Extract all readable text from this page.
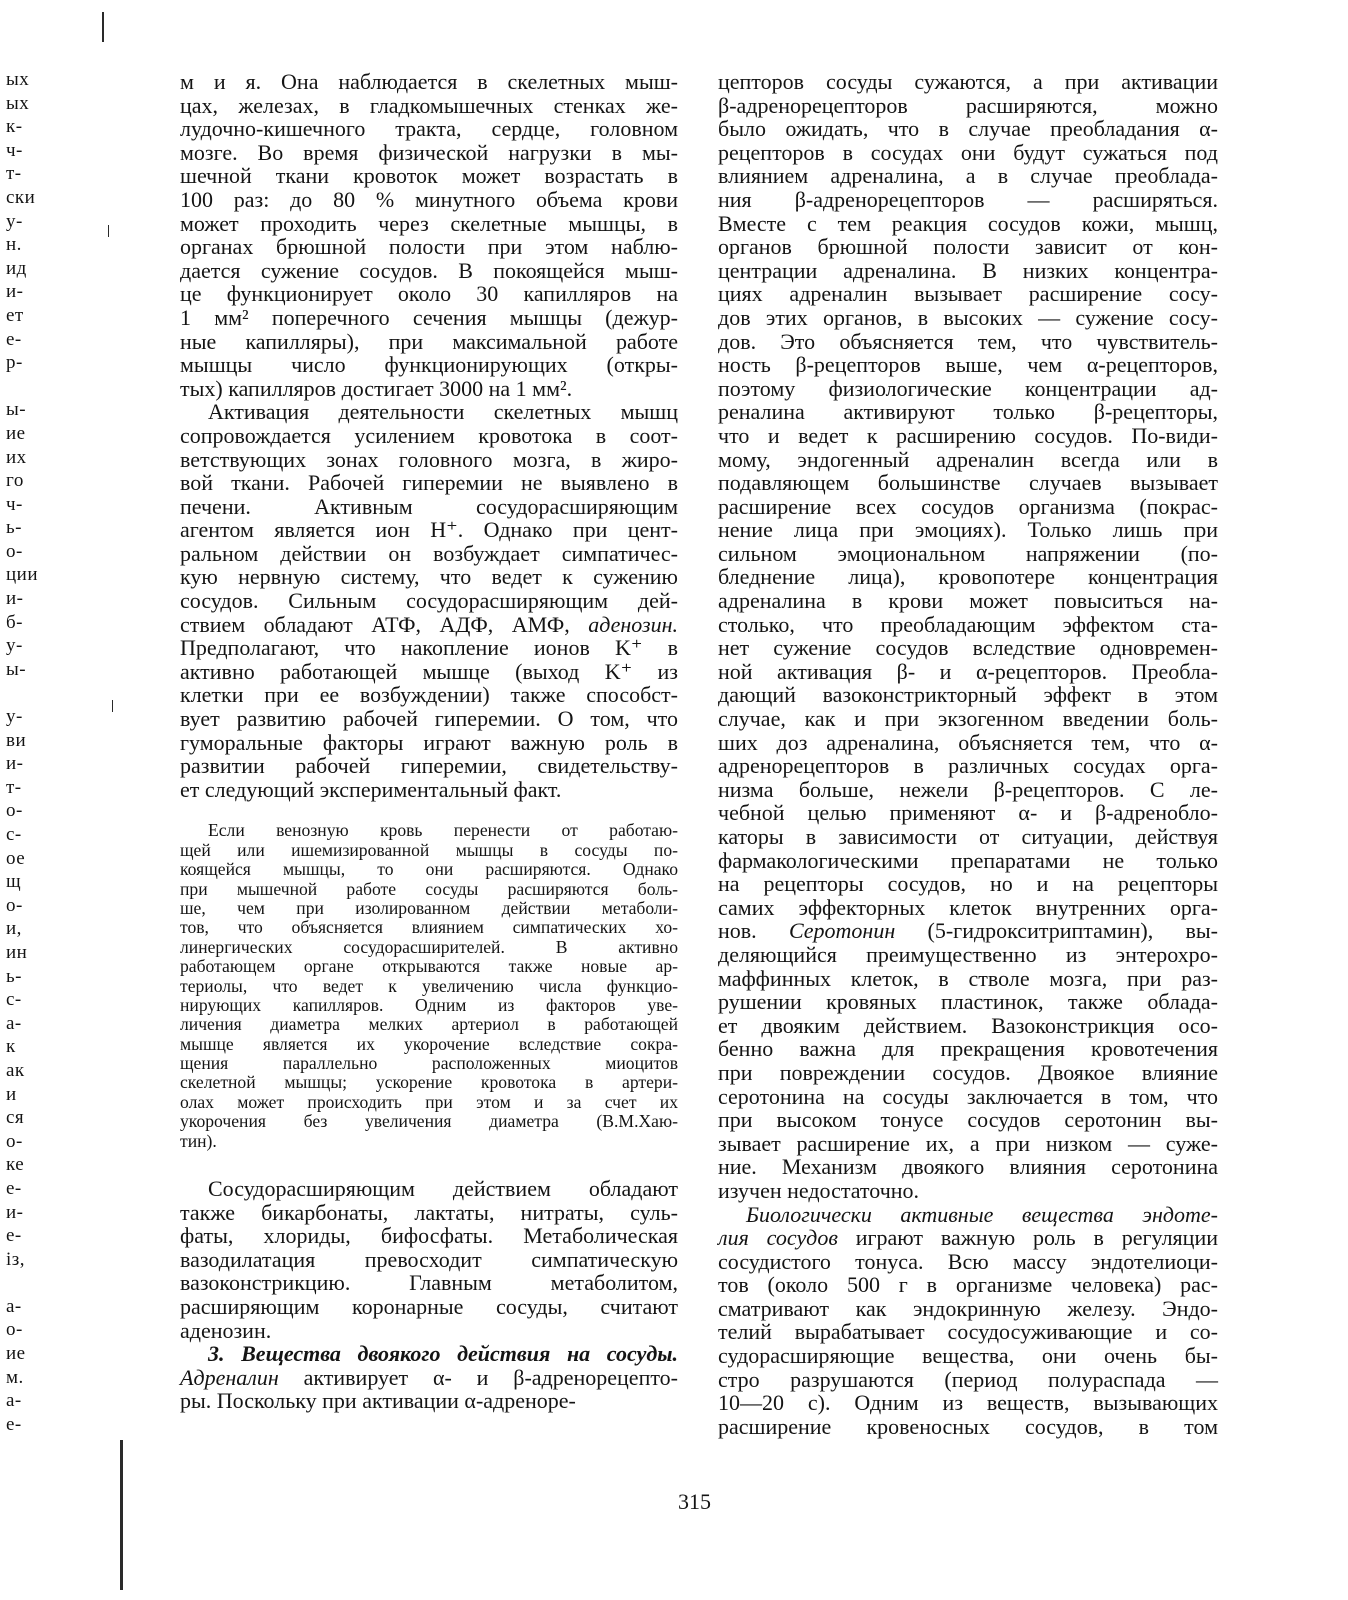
ых
ых
к-
ч-
т-
ски
у-
н.
ид
и-
ет
е-
р-
ы-
ие
их
го
ч-
ь-
о-
ции
и-
б-
у-
ы-
у-
ви
и-
т-
о-
с-
ое
щ
о-
и,
ин
ь-
с-
а-
к
ак
и
ся
о-
ке
е-
и-
е-
із,
а-
о-
ие
м.
а-
е-
м и я. Она наблюдается в скелетных мыш-
цах, железах, в гладкомышечных стенках же-
лудочно-кишечного тракта, сердце, головном
мозге. Во время физической нагрузки в мы-
шечной ткани кровоток может возрастать в
100 раз: до 80 % минутного объема крови
может проходить через скелетные мышцы, в
органах брюшной полости при этом наблю-
дается сужение сосудов. В покоящейся мыш-
це функционирует около 30 капилляров на
1 мм² поперечного сечения мышцы (дежур-
ные капилляры), при максимальной работе
мышцы число функционирующих (откры-
тых) капилляров достигает 3000 на 1 мм².
Активация деятельности скелетных мышц
сопровождается усилением кровотока в соот-
ветствующих зонах головного мозга, в жиро-
вой ткани. Рабочей гиперемии не выявлено в
печени. Активным сосудорасширяющим
агентом является ион H⁺. Однако при цент-
ральном действии он возбуждает симпатичес-
кую нервную систему, что ведет к сужению
сосудов. Сильным сосудорасширяющим дей-
ствием обладают АТФ, АДФ, АМФ, аденозин.
Предполагают, что накопление ионов K⁺ в
активно работающей мышце (выход K⁺ из
клетки при ее возбуждении) также способст-
вует развитию рабочей гиперемии. О том, что
гуморальные факторы играют важную роль в
развитии рабочей гиперемии, свидетельству-
ет следующий экспериментальный факт.
Если венозную кровь перенести от работаю-
щей или ишемизированной мышцы в сосуды по-
коящейся мышцы, то они расширяются. Однако
при мышечной работе сосуды расширяются боль-
ше, чем при изолированном действии метаболи-
тов, что объясняется влиянием симпатических хо-
линергических сосудорасширителей. В активно
работающем органе открываются также новые ар-
териолы, что ведет к увеличению числа функцио-
нирующих капилляров. Одним из факторов уве-
личения диаметра мелких артериол в работающей
мышце является их укорочение вследствие сокра-
щения параллельно расположенных миоцитов
скелетной мышцы; ускорение кровотока в артери-
олах может происходить при этом и за счет их
укорочения без увеличения диаметра (В.М.Хаю-
тин).
Сосудорасширяющим действием обладают
также бикарбонаты, лактаты, нитраты, суль-
фаты, хлориды, бифосфаты. Метаболическая
вазодилатация превосходит симпатическую
вазоконстрикцию. Главным метаболитом,
расширяющим коронарные сосуды, считают
аденозин.
3. Вещества двоякого действия на сосуды.
Адреналин активирует α- и β-адренорецепто-
ры. Поскольку при активации α-адреноре-
цепторов сосуды сужаются, а при активации
β-адренорецепторов расширяются, можно
было ожидать, что в случае преобладания α-
рецепторов в сосудах они будут сужаться под
влиянием адреналина, а в случае преоблада-
ния β-адренорецепторов — расширяться.
Вместе с тем реакция сосудов кожи, мышц,
органов брюшной полости зависит от кон-
центрации адреналина. В низких концентра-
циях адреналин вызывает расширение сосу-
дов этих органов, в высоких — сужение сосу-
дов. Это объясняется тем, что чувствитель-
ность β-рецепторов выше, чем α-рецепторов,
поэтому физиологические концентрации ад-
реналина активируют только β-рецепторы,
что и ведет к расширению сосудов. По-види-
мому, эндогенный адреналин всегда или в
подавляющем большинстве случаев вызывает
расширение всех сосудов организма (покрас-
нение лица при эмоциях). Только лишь при
сильном эмоциональном напряжении (по-
бледнение лица), кровопотере концентрация
адреналина в крови может повыситься на-
столько, что преобладающим эффектом ста-
нет сужение сосудов вследствие одновремен-
ной активация β- и α-рецепторов. Преобла-
дающий вазоконстрикторный эффект в этом
случае, как и при экзогенном введении боль-
ших доз адреналина, объясняется тем, что α-
адренорецепторов в различных сосудах орга-
низма больше, нежели β-рецепторов. С ле-
чебной целью применяют α- и β-адренобло-
каторы в зависимости от ситуации, действуя
фармакологическими препаратами не только
на рецепторы сосудов, но и на рецепторы
самих эффекторных клеток внутренних орга-
нов. Серотонин (5-гидрокситриптамин), вы-
деляющийся преимущественно из энтерохро-
маффинных клеток, в стволе мозга, при раз-
рушении кровяных пластинок, также облада-
ет двояким действием. Вазоконстрикция осо-
бенно важна для прекращения кровотечения
при повреждении сосудов. Двоякое влияние
серотонина на сосуды заключается в том, что
при высоком тонусе сосудов серотонин вы-
зывает расширение их, а при низком — суже-
ние. Механизм двоякого влияния серотонина
изучен недостаточно.
Биологически активные вещества эндоте-
лия сосудов играют важную роль в регуляции
сосудистого тонуса. Всю массу эндотелиоци-
тов (около 500 г в организме человека) рас-
сматривают как эндокринную железу. Эндо-
телий вырабатывает сосудосуживающие и со-
судорасширяющие вещества, они очень бы-
стро разрушаются (период полураспада —
10—20 с). Одним из веществ, вызывающих
расширение кровеносных сосудов, в том
315
